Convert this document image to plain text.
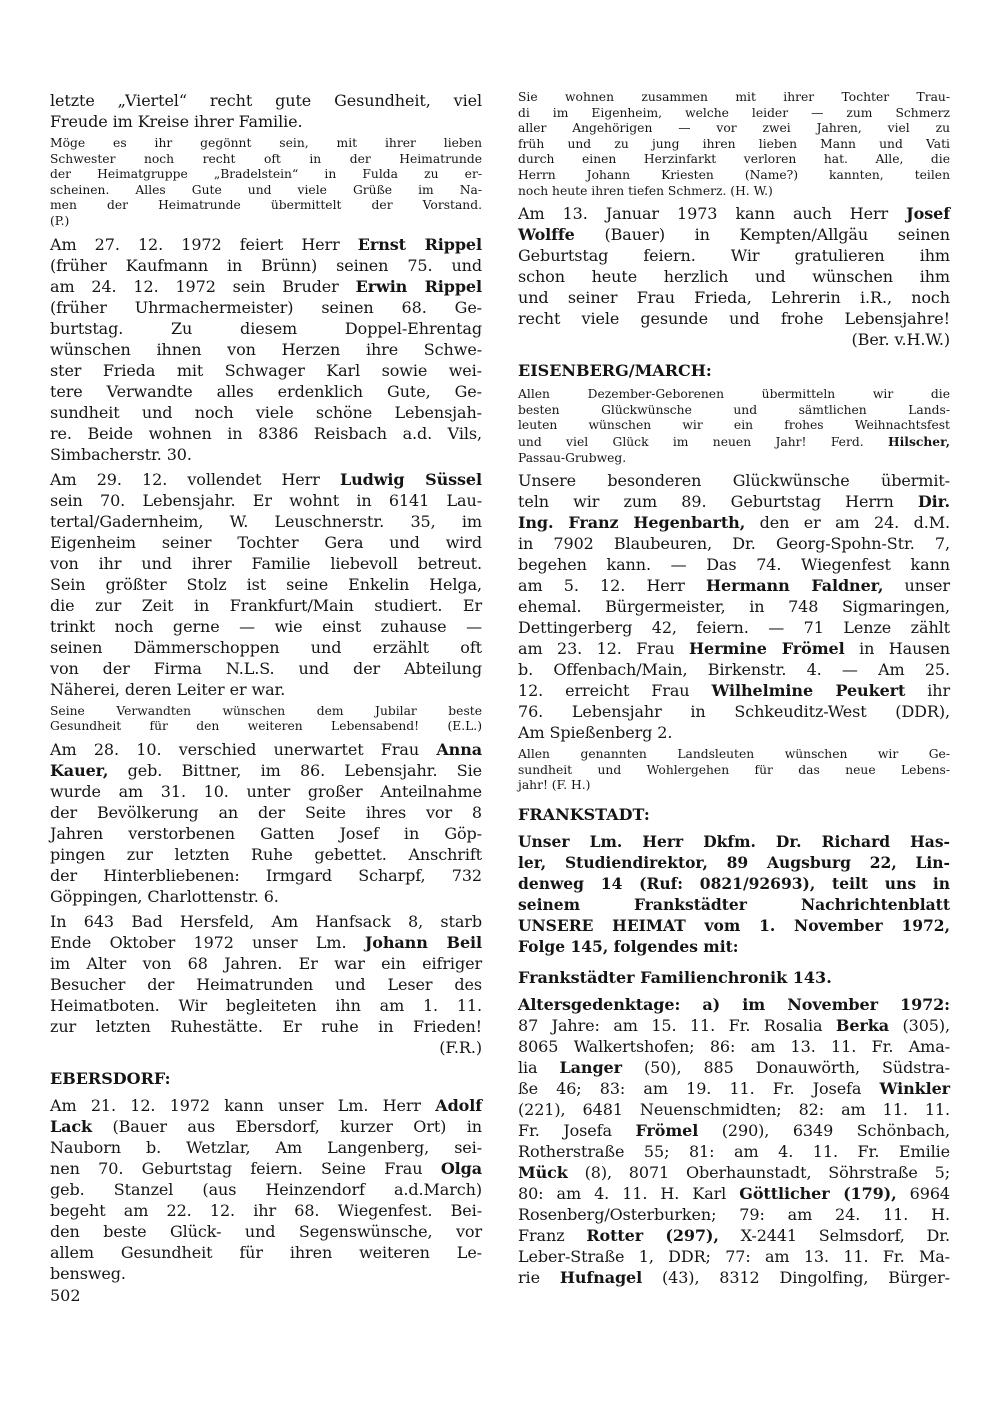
letzte „Viertel“ recht gute Gesundheit, viel
Freude im Kreise ihrer Familie.
Möge es ihr gegönnt sein, mit ihrer lieben
Schwester noch recht oft in der Heimatrunde
der Heimatgruppe „Bradelstein“ in Fulda zu er-
scheinen. Alles Gute und viele Grüße im Na-
men der Heimatrunde übermittelt der Vorstand.
(P.)
Am 27. 12. 1972 feiert Herr Ernst Rippel
(früher Kaufmann in Brünn) seinen 75. und
am 24. 12. 1972 sein Bruder Erwin Rippel
(früher Uhrmachermeister) seinen 68. Ge-
burtstag. Zu diesem Doppel-Ehrentag
wünschen ihnen von Herzen ihre Schwe-
ster Frieda mit Schwager Karl sowie wei-
tere Verwandte alles erdenklich Gute, Ge-
sundheit und noch viele schöne Lebensjah-
re. Beide wohnen in 8386 Reisbach a.d. Vils,
Simbacherstr. 30.
Am 29. 12. vollendet Herr Ludwig Süssel
sein 70. Lebensjahr. Er wohnt in 6141 Lau-
tertal/Gadernheim, W. Leuschnerstr. 35, im
Eigenheim seiner Tochter Gera und wird
von ihr und ihrer Familie liebevoll betreut.
Sein größter Stolz ist seine Enkelin Helga,
die zur Zeit in Frankfurt/Main studiert. Er
trinkt noch gerne — wie einst zuhause —
seinen Dämmerschoppen und erzählt oft
von der Firma N.L.S. und der Abteilung
Näherei, deren Leiter er war.
Seine Verwandten wünschen dem Jubilar beste
Gesundheit für den weiteren Lebensabend! (E.L.)
Am 28. 10. verschied unerwartet Frau Anna
Kauer, geb. Bittner, im 86. Lebensjahr. Sie
wurde am 31. 10. unter großer Anteilnahme
der Bevölkerung an der Seite ihres vor 8
Jahren verstorbenen Gatten Josef in Göp-
pingen zur letzten Ruhe gebettet. Anschrift
der Hinterbliebenen: Irmgard Scharpf, 732
Göppingen, Charlottenstr. 6.
In 643 Bad Hersfeld, Am Hanfsack 8, starb
Ende Oktober 1972 unser Lm. Johann Beil
im Alter von 68 Jahren. Er war ein eifriger
Besucher der Heimatrunden und Leser des
Heimatboten. Wir begleiteten ihn am 1. 11.
zur letzten Ruhestätte. Er ruhe in Frieden!
(F.R.)
EBERSDORF:
Am 21. 12. 1972 kann unser Lm. Herr Adolf
Lack (Bauer aus Ebersdorf, kurzer Ort) in
Nauborn b. Wetzlar, Am Langenberg, sei-
nen 70. Geburtstag feiern. Seine Frau Olga
geb. Stanzel (aus Heinzendorf a.d.March)
begeht am 22. 12. ihr 68. Wiegenfest. Bei-
den beste Glück- und Segenswünsche, vor
allem Gesundheit für ihren weiteren Le-
bensweg.
Sie wohnen zusammen mit ihrer Tochter Trau-
di im Eigenheim, welche leider — zum Schmerz
aller Angehörigen — vor zwei Jahren, viel zu
früh und zu jung ihren lieben Mann und Vati
durch einen Herzinfarkt verloren hat. Alle, die
Herrn Johann Kriesten (Name?) kannten, teilen
noch heute ihren tiefen Schmerz. (H. W.)
Am 13. Januar 1973 kann auch Herr Josef
Wolffe (Bauer) in Kempten/Allgäu seinen
Geburtstag feiern. Wir gratulieren ihm
schon heute herzlich und wünschen ihm
und seiner Frau Frieda, Lehrerin i.R., noch
recht viele gesunde und frohe Lebensjahre!
(Ber. v.H.W.)
EISENBERG/MARCH:
Allen Dezember-Geborenen übermitteln wir die
besten Glückwünsche und sämtlichen Lands-
leuten wünschen wir ein frohes Weihnachtsfest
und viel Glück im neuen Jahr! Ferd. Hilscher,
Passau-Grubweg.
Unsere besonderen Glückwünsche übermit-
teln wir zum 89. Geburtstag Herrn Dir.
Ing. Franz Hegenbarth, den er am 24. d.M.
in 7902 Blaubeuren, Dr. Georg-Spohn-Str. 7,
begehen kann. — Das 74. Wiegenfest kann
am 5. 12. Herr Hermann Faldner, unser
ehemal. Bürgermeister, in 748 Sigmaringen,
Dettingerberg 42, feiern. — 71 Lenze zählt
am 23. 12. Frau Hermine Frömel in Hausen
b. Offenbach/Main, Birkenstr. 4. — Am 25.
12. erreicht Frau Wilhelmine Peukert ihr
76. Lebensjahr in Schkeuditz-West (DDR),
Am Spießenberg 2.
Allen genannten Landsleuten wünschen wir Ge-
sundheit und Wohlergehen für das neue Lebens-
jahr! (F. H.)
FRANKSTADT:
Unser Lm. Herr Dkfm. Dr. Richard Has-
ler, Studiendirektor, 89 Augsburg 22, Lin-
denweg 14 (Ruf: 0821/92693), teilt uns in
seinem Frankstädter Nachrichtenblatt
UNSERE HEIMAT vom 1. November 1972,
Folge 145, folgendes mit:
Frankstädter Familienchronik 143.
Altersgedenktage: a) im November 1972:
87 Jahre: am 15. 11. Fr. Rosalia Berka (305),
8065 Walkertshofen; 86: am 13. 11. Fr. Ama-
lia Langer (50), 885 Donauwörth, Südstra-
ße 46; 83: am 19. 11. Fr. Josefa Winkler
(221), 6481 Neuenschmidten; 82: am 11. 11.
Fr. Josefa Frömel (290), 6349 Schönbach,
Rotherstraße 55; 81: am 4. 11. Fr. Emilie
Mück (8), 8071 Oberhaunstadt, Söhrstraße 5;
80: am 4. 11. H. Karl Göttlicher (179), 6964
Rosenberg/Osterburken; 79: am 24. 11. H.
Franz Rotter (297), X-2441 Selmsdorf, Dr.
Leber-Straße 1, DDR; 77: am 13. 11. Fr. Ma-
rie Hufnagel (43), 8312 Dingolfing, Bürger-
502
